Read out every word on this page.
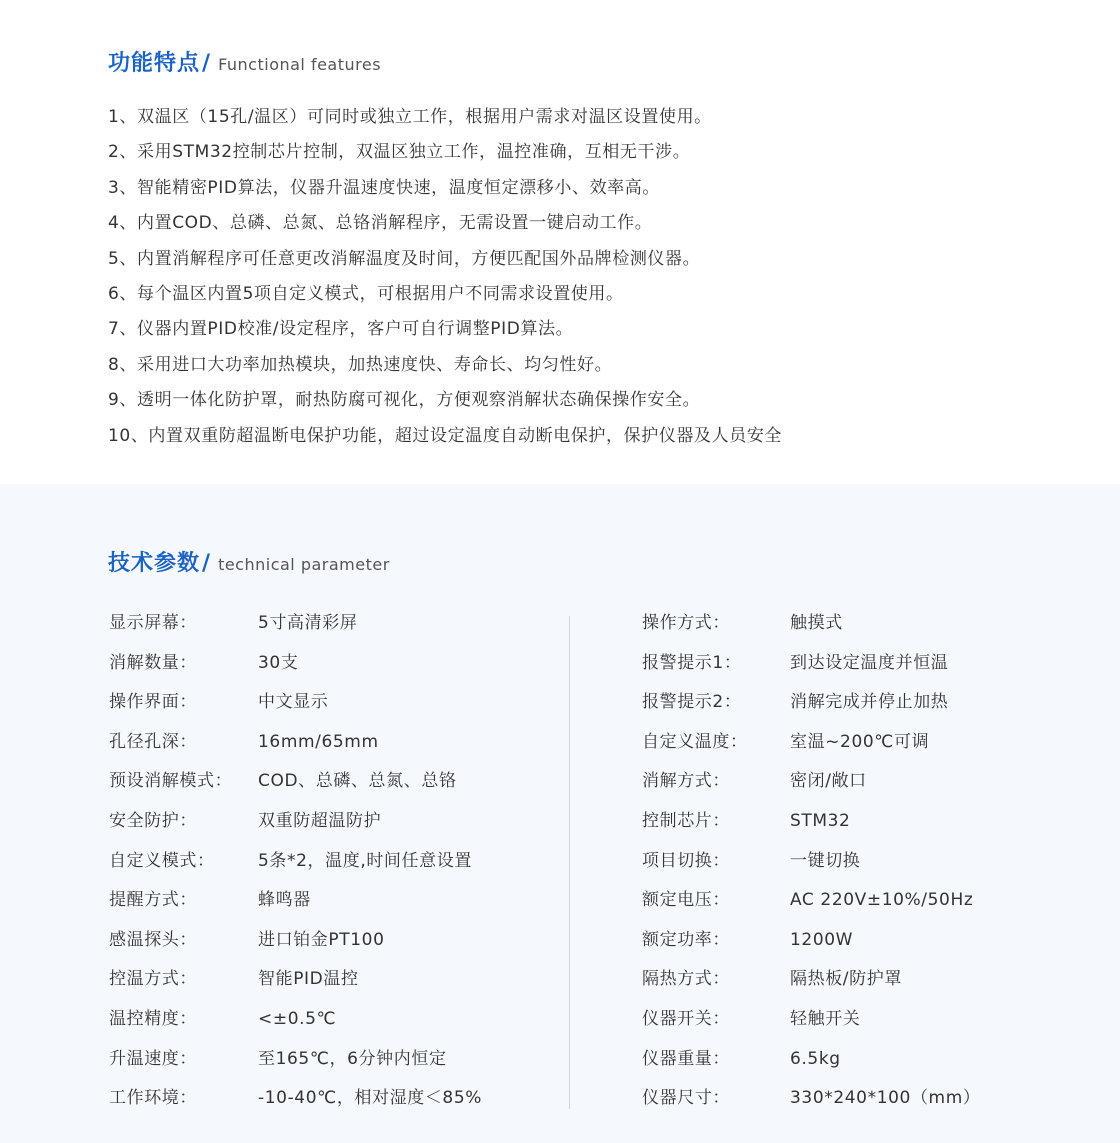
功能特点 / Functional features
1、双温区（15孔/温区）可同时或独立工作，根据用户需求对温区设置使用。
2、采用STM32控制芯片控制，双温区独立工作，温控准确，互相无干涉。
3、智能精密PID算法，仪器升温速度快速，温度恒定漂移小、效率高。
4、内置COD、总磷、总氮、总铬消解程序，无需设置一键启动工作。
5、内置消解程序可任意更改消解温度及时间，方便匹配国外品牌检测仪器。
6、每个温区内置5项自定义模式，可根据用户不同需求设置使用。
7、仪器内置PID校准/设定程序，客户可自行调整PID算法。
8、采用进口大功率加热模块，加热速度快、寿命长、均匀性好。
9、透明一体化防护罩，耐热防腐可视化，方便观察消解状态确保操作安全。
10、内置双重防超温断电保护功能，超过设定温度自动断电保护，保护仪器及人员安全
技术参数 / technical parameter
显示屏幕：	5寸高清彩屏
消解数量：	30支
操作界面：	中文显示
孔径孔深：	16mm/65mm
预设消解模式：	COD、总磷、总氮、总铬
安全防护：	双重防超温防护
自定义模式：	5条*2，温度,时间任意设置
提醒方式：	蜂鸣器
感温探头：	进口铂金PT100
控温方式：	智能PID温控
温控精度：	<±0.5℃
升温速度：	至165℃，6分钟内恒定
工作环境：	-10-40℃，相对湿度＜85%
操作方式：	触摸式
报警提示1：	到达设定温度并恒温
报警提示2：	消解完成并停止加热
自定义温度：	室温~200℃可调
消解方式：	密闭/敞口
控制芯片：	STM32
项目切换：	一键切换
额定电压：	AC 220V±10%/50Hz
额定功率：	1200W
隔热方式：	隔热板/防护罩
仪器开关：	轻触开关
仪器重量：	6.5kg
仪器尺寸：	330*240*100（mm）
